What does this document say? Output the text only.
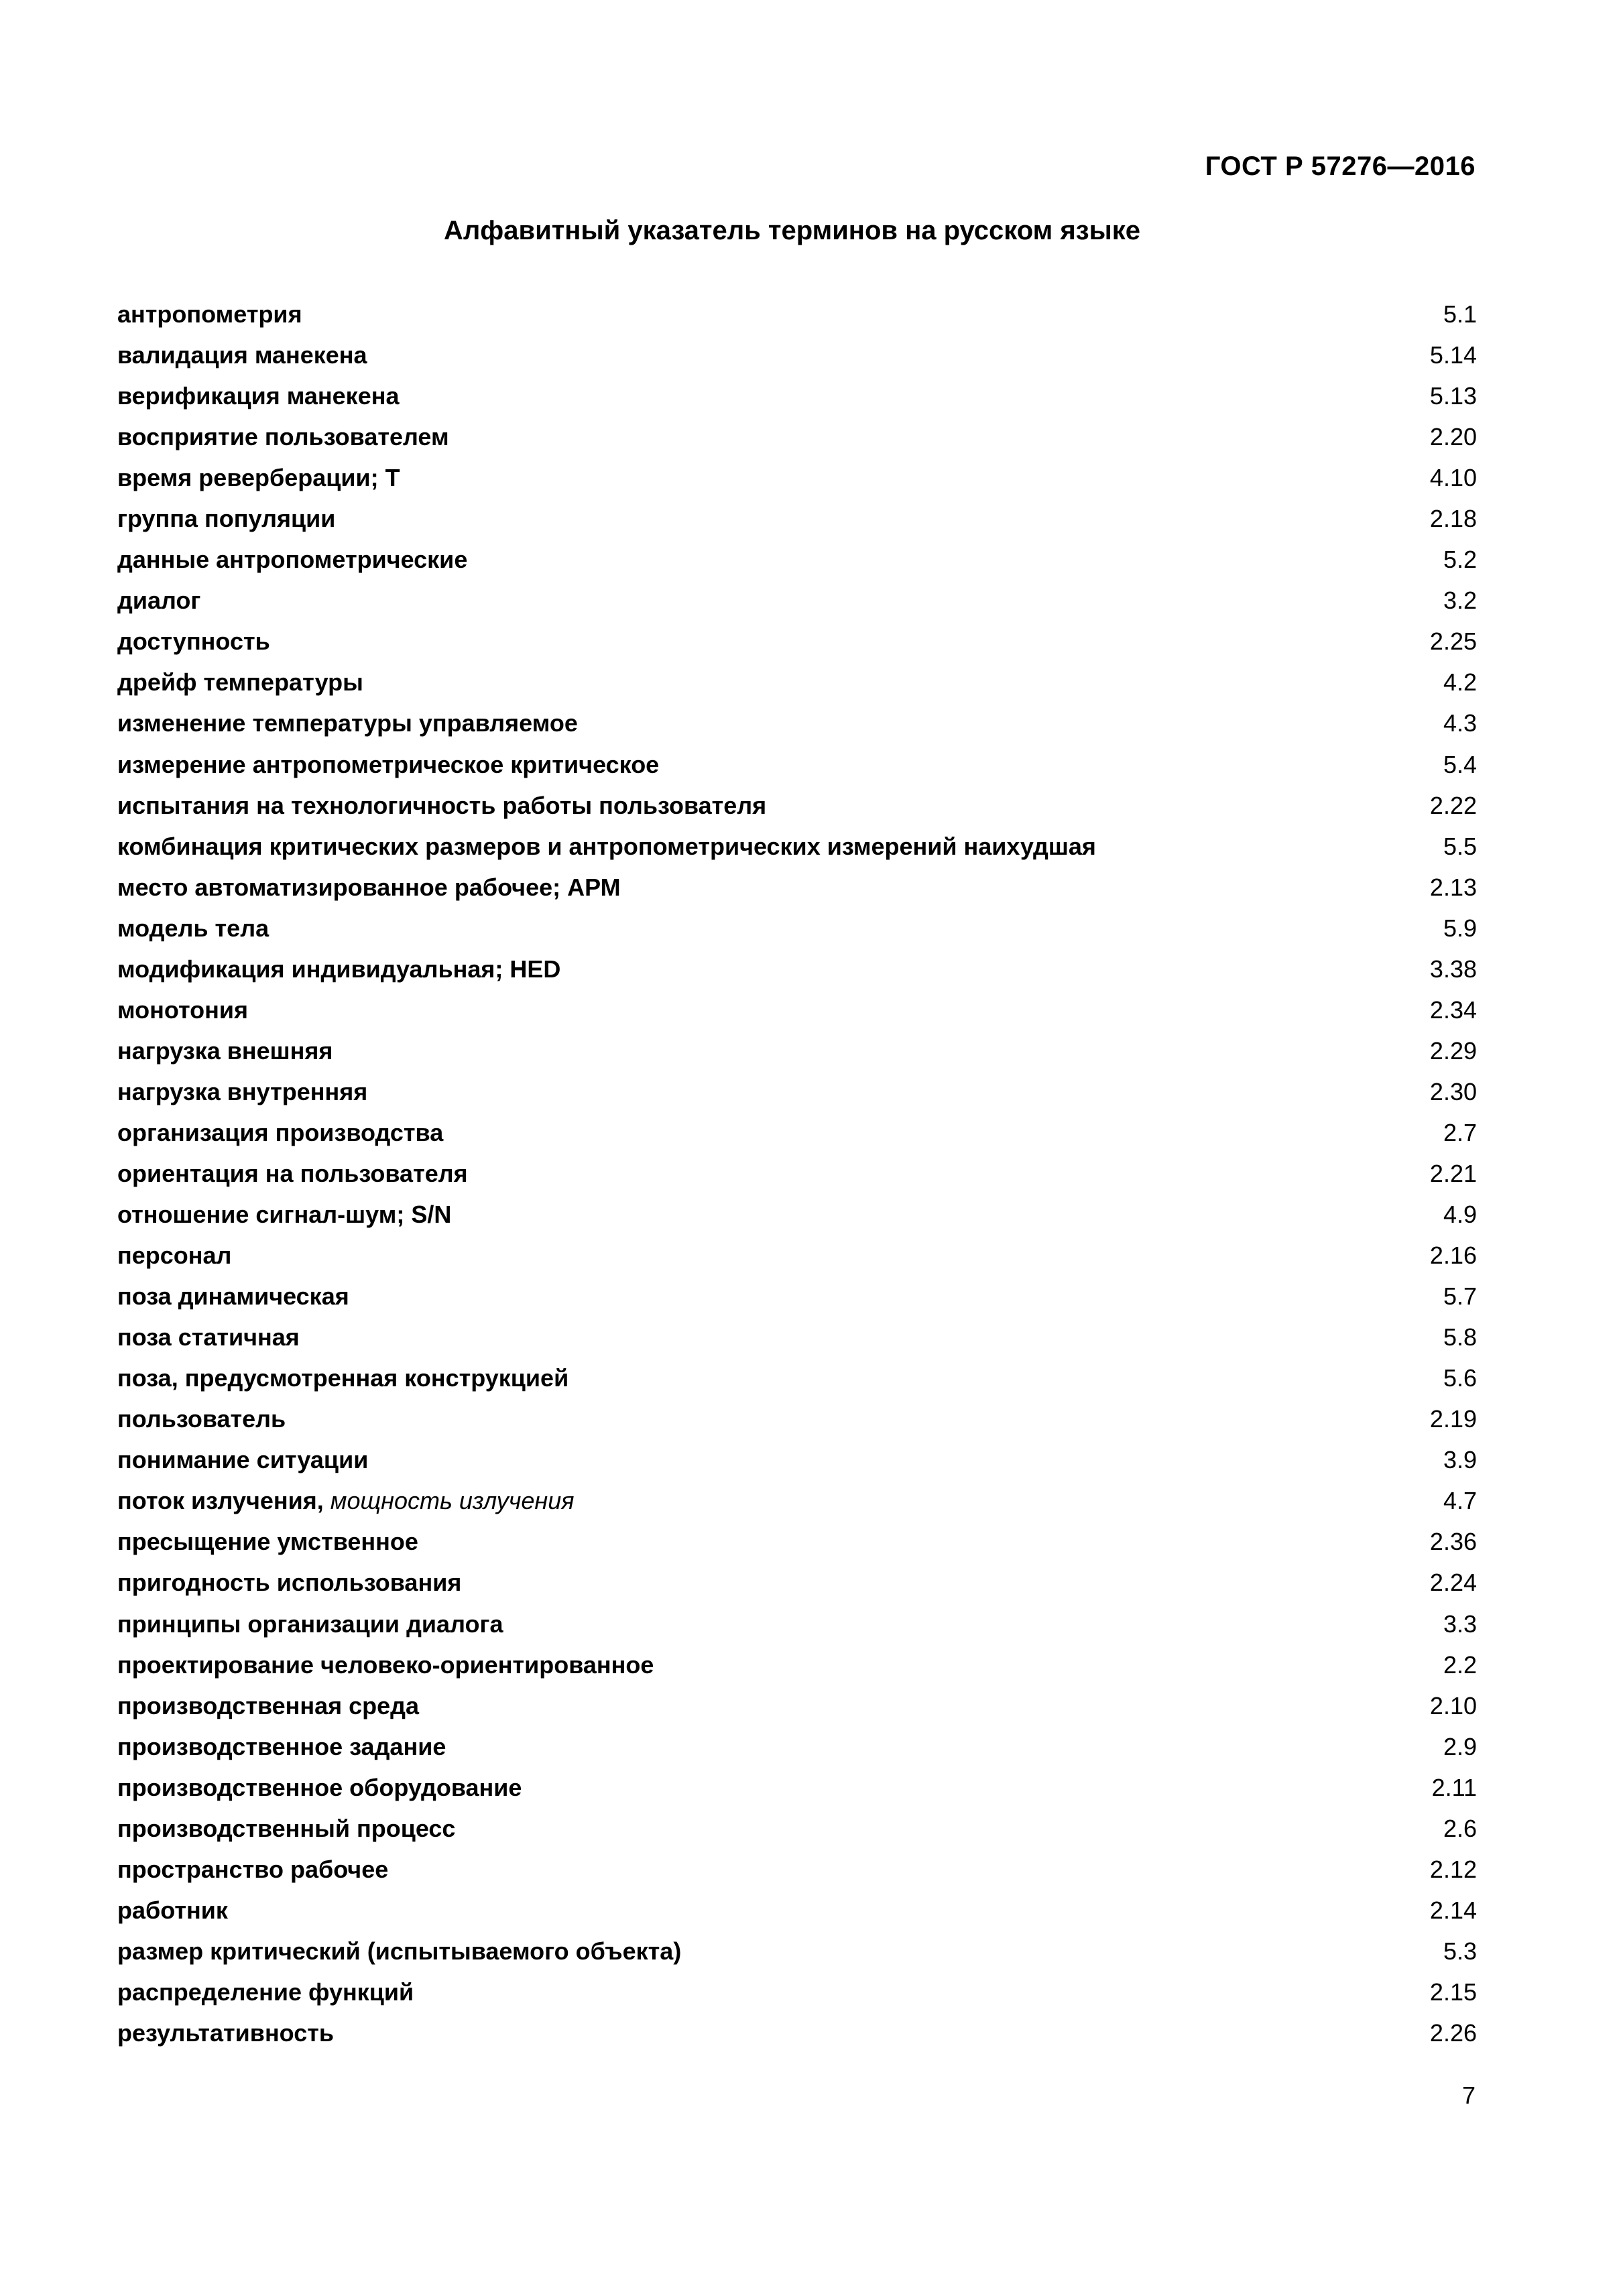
ГОСТ Р 57276—2016
Алфавитный указатель терминов на русском языке
антропометрия	5.1
валидация манекена	5.14
верификация манекена	5.13
восприятие пользователем	2.20
время реверберации; T	4.10
группа популяции	2.18
данные антропометрические	5.2
диалог	3.2
доступность	2.25
дрейф температуры	4.2
изменение температуры управляемое	4.3
измерение антропометрическое критическое	5.4
испытания на технологичность работы пользователя	2.22
комбинация критических размеров и антропометрических измерений наихудшая	5.5
место автоматизированное рабочее; АРМ	2.13
модель тела	5.9
модификация индивидуальная; HED	3.38
монотония	2.34
нагрузка внешняя	2.29
нагрузка внутренняя	2.30
организация производства	2.7
ориентация на пользователя	2.21
отношение сигнал-шум; S/N	4.9
персонал	2.16
поза динамическая	5.7
поза статичная	5.8
поза, предусмотренная конструкцией	5.6
пользователь	2.19
понимание ситуации	3.9
поток излучения, мощность излучения	4.7
пресыщение умственное	2.36
пригодность использования	2.24
принципы организации диалога	3.3
проектирование человеко-ориентированное	2.2
производственная среда	2.10
производственное задание	2.9
производственное оборудование	2.11
производственный процесс	2.6
пространство рабочее	2.12
работник	2.14
размер критический (испытываемого объекта)	5.3
распределение функций	2.15
результативность	2.26
7
